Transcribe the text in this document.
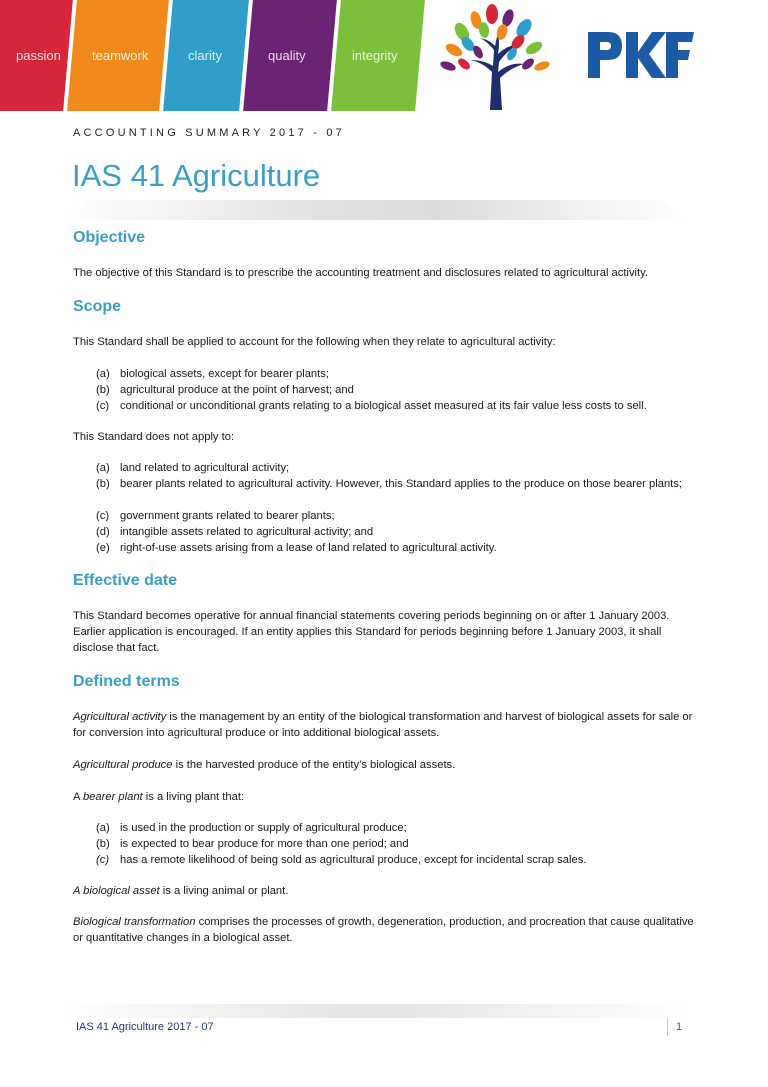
passion teamwork	clarity	quality	integrity
ACCOUNTING SUMMARY 2017 - 07
IAS 41 Agriculture
Objective

The objective of this Standard is to prescribe the accounting treatment and disclosures related to agricultural activity.

Scope

This Standard shall be applied to account for the following when they relate to agricultural activity:

(a) biological assets, except for bearer plants;
(b) agricultural produce at the point of harvest; and
(c) conditional or unconditional grants relating to a biological asset measured at its fair value less costs to sell.

This Standard does not apply to:

(a) land related to agricultural activity;
(b) bearer plants related to agricultural activity. However, this Standard applies to the produce on those bearer plants;
(c) government grants related to bearer plants;
(d) intangible assets related to agricultural activity; and
(e) right-of-use assets arising from a lease of land related to agricultural activity.
Effective date

This Standard becomes operative for annual financial statements covering periods beginning on or after 1 January 2003. Earlier application is encouraged. If an entity applies this Standard for periods beginning before 1 January 2003, it shall disclose that fact.

Defined terms

Agricultural activity is the management by an entity of the biological transformation and harvest of biological assets for sale or for conversion into agricultural produce or into additional biological assets.

Agricultural produce is the harvested produce of the entity’s biological assets.

A bearer plant is a living plant that:

(a) is used in the production or supply of agricultural produce;
(b) is expected to bear produce for more than one period; and
(c) has a remote likelihood of being sold as agricultural produce, except for incidental scrap sales.

A biological asset is a living animal or plant.

Biological transformation comprises the processes of growth, degeneration, production, and procreation that cause qualitative or quantitative changes in a biological asset.

IAS 41 Agriculture 2017 - 07	1
